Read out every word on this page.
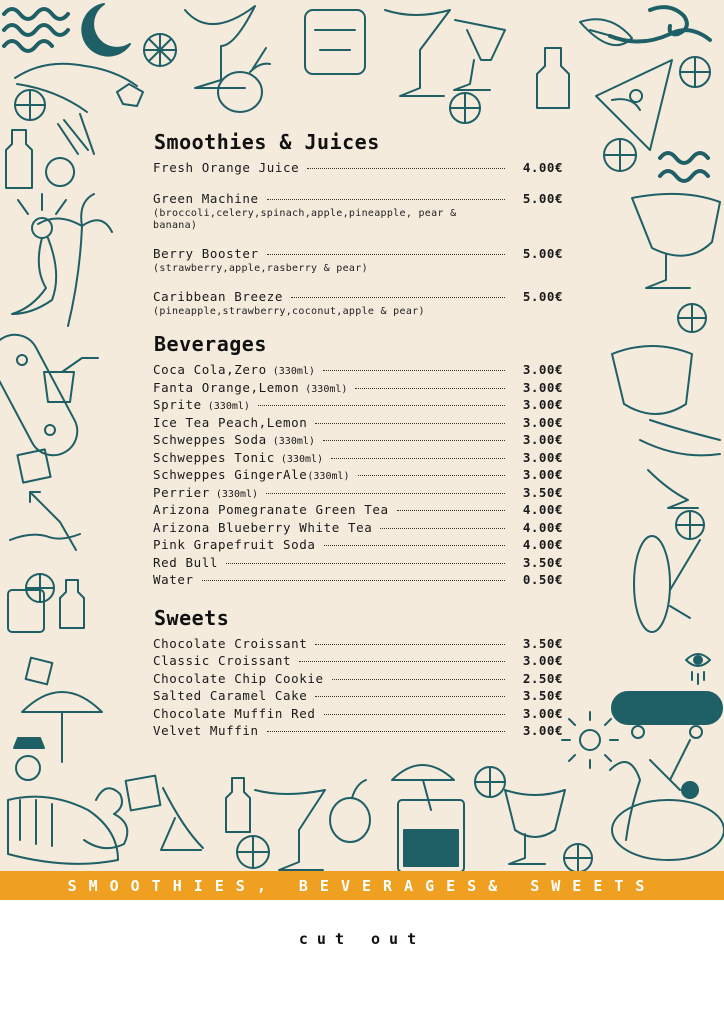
Smoothies & Juices
Fresh Orange Juice	4.00€
Green Machine	5.00€
(broccoli,celery,spinach,apple,pineapple, pear & banana)
Berry Booster	5.00€
(strawberry,apple,rasberry & pear)
Caribbean Breeze	5.00€
(pineapple,strawberry,coconut,apple & pear)
Beverages
Coca Cola,Zero (330ml)	3.00€
Fanta Orange,Lemon (330ml)	3.00€
Sprite (330ml)	3.00€
Ice Tea Peach,Lemon	3.00€
Schweppes Soda (330ml)	3.00€
Schweppes Tonic (330ml)	3.00€
Schweppes GingerAle (330ml)	3.00€
Perrier (330ml)	3.50€
Arizona Pomegranate Green Tea	4.00€
Arizona Blueberry White Tea	4.00€
Pink Grapefruit Soda	4.00€
Red Bull	3.50€
Water	0.50€
Sweets
Chocolate Croissant	3.50€
Classic Croissant	3.00€
Chocolate Chip Cookie	2.50€
Salted Caramel Cake	3.50€
Chocolate Muffin Red	3.00€
Velvet Muffin	3.00€
SMOOTHIES, BEVERAGES& SWEETS
cut out
